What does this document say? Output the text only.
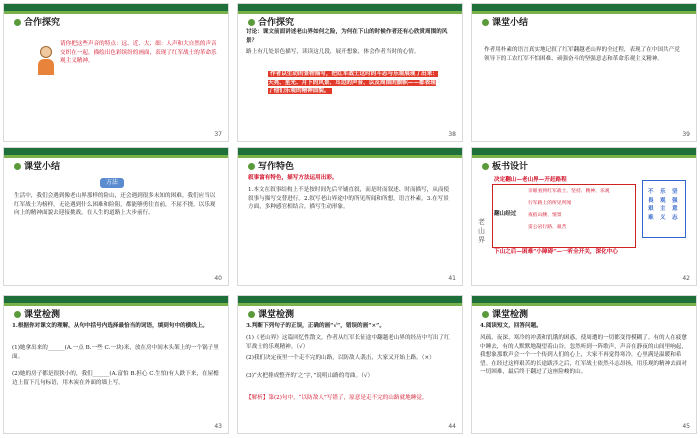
合作探究
请你把这些声音的特点：远、近、大、细：人声和大自然的声音交织在一起，描绘出色彩缤纷的画面，表现了红军战士的革命乐观主义精神。
37
合作探究
讨论：课文前面讲述老山界如何之险，为何在下山的时候作者还有心欣赏周围的风景？
路上有几处景色描写，读读这几段，展开想象，体会作者当时的心情。
作者以生动的景物描写，把红军战士这时的斗志与乐观展现了出来：天亮、星光、月下的风景、耳边的声音、以及周围的旗帜——都表现了他们乐观的精神面貌。
38
课堂小结
作者用朴素的语言真实地记叙了红军翻越老山界的全过程，表现了在中国共产党领导下的工农红军不怕困难、顽强奋斗的坚强意志和革命乐观主义精神。
39
课堂小结
方法
生活中，我们会遇到像老山界那样的险山，还会遇到很多未知的困难。我们应当以红军战士为榜样，无论遇到什么困难和险阻，都能够勇往直前，不屈不挠，以乐观向上的精神面貌去迎接挑战，在人生的道路上大步前行。
40
写作特色
叙事富有特色，描写方法运用出彩。
1.本文在叙事结构上不是按时间先后平铺直叙，而是时而叙述、时而描写，从而使叙事与描写交替进行。2.叙写老山界途中的所见所闻和所想，语言朴素。3.在写景方面，多种感官相结合，描写生动形象。
41
板书设计
老山界
决定翻山—老山界—开赶路程
翻山经过
亲眼看到红军战士、坚持、精神、乐观
行军路上的所见所闻
夜宿山腰、情景
雷公岩行路、艰苦
下山之后—困难“小障碍”—一听全开关，深化中心
不畏艰难
乐观主义
坚强意志
42
课堂检测
1.根据你对课文的理解，从句中括号内选择最恰当的词语，填到句中的横线上。
(1)她拿出来的______(A.一点 B.一些 C.一块)米，放在房中间木头架上的一个锅子里面。
(2)她的房子都是很狭小的，我们______(A.富怕 B.担心 C.生怕)有人跌下来，在屋檐边上留下几句标语，用木炭在外面的墙上写。
43
课堂检测
3.判断下列句子的正误，正确的画“√”，错误的画“×”。
(1)《老山界》这篇回忆性散文，作者从红军长征途中翻越老山界的经历中写出了红军战士的乐观精神。（√）
(2)我们决定夜里一个走不完的山路，以防敌人袭击，大家又开始上路。（×）
(3)“火把排成整齐的‘之’字，”说明山路的弯曲。（√）
【解析】第(2)句中，“以防敌人”写错了，原意是走不完的山路就地睡觉。
44
课堂检测
4.阅读短文，回答问题。
风疏、夜深、寒冷的冲袭和饥饿的困惑，使周遭的一切都变得模糊了。有的人在疲惫中睡去，有的人默默地凝望着山谷。忽然听到一阵歌声，声音在静夜的山间里响起，我想象那歌声会一个一个传到人们的心上，大家不再觉得寒冷，心里满是温暖和希望。在经过这样艰苦的长途跋涉之后，红军战士依然斗志昂扬，用乐观的精神去面对一切困难，最后终于翻过了这座险峻的山。
45
